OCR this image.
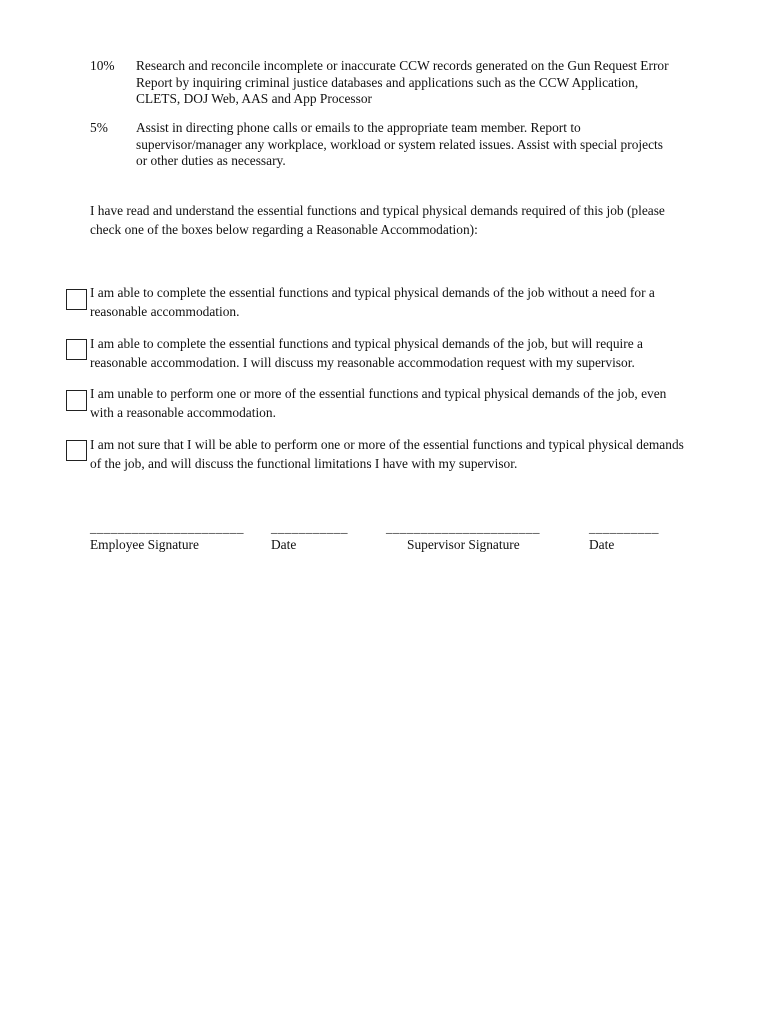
10% Research and reconcile incomplete or inaccurate CCW records generated on the Gun Request Error Report by inquiring criminal justice databases and applications such as the CCW Application, CLETS, DOJ Web, AAS and App Processor
5% Assist in directing phone calls or emails to the appropriate team member. Report to supervisor/manager any workplace, workload or system related issues. Assist with special projects or other duties as necessary.
I have read and understand the essential functions and typical physical demands required of this job (please check one of the boxes below regarding a Reasonable Accommodation):
I am able to complete the essential functions and typical physical demands of the job without a need for a reasonable accommodation.
I am able to complete the essential functions and typical physical demands of the job, but will require a reasonable accommodation. I will discuss my reasonable accommodation request with my supervisor.
I am unable to perform one or more of the essential functions and typical physical demands of the job, even with a reasonable accommodation.
I am not sure that I will be able to perform one or more of the essential functions and typical physical demands of the job, and will discuss the functional limitations I have with my supervisor.
______________________
Employee Signature
___________
Date
______________________
Supervisor Signature
__________
Date
